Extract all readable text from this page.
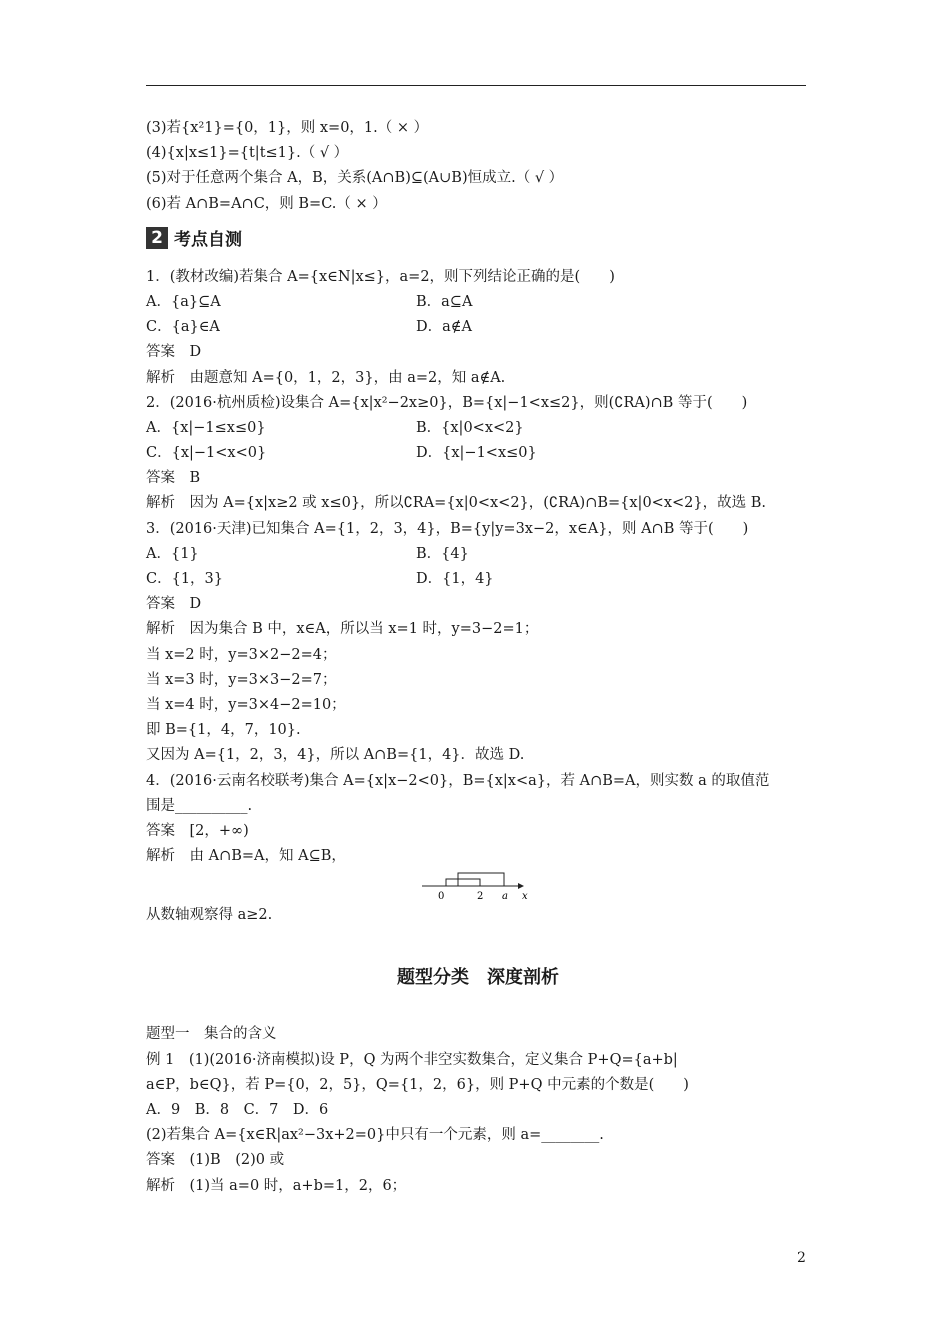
(3)若{x²1}={0，1}，则 x=0，1.（ × ）
(4){x|x≤1}={t|t≤1}.（ √ ）
(5)对于任意两个集合 A，B，关系(A∩B)⊆(A∪B)恒成立.（ √ ）
(6)若 A∩B=A∩C，则 B=C.（ × ）
2 考点自测
1．(教材改编)若集合 A={x∈N|x≤}，a=2，则下列结论正确的是(　　)
A．{a}⊆A	B．a⊆A
C．{a}∈A	D．a∉A
答案　D
解析　由题意知 A={0，1，2，3}，由 a=2，知 a∉A.
2．(2016·杭州质检)设集合 A={x|x²−2x≥0}，B={x|−1<x≤2}，则(∁RA)∩B 等于(　　)
A．{x|−1≤x≤0}	B．{x|0<x<2}
C．{x|−1<x<0}	D．{x|−1<x≤0}
答案　B
解析　因为 A={x|x≥2 或 x≤0}，所以∁RA={x|0<x<2}，(∁RA)∩B={x|0<x<2}，故选 B.
3．(2016·天津)已知集合 A={1，2，3，4}，B={y|y=3x−2，x∈A}，则 A∩B 等于(　　)
A．{1}	B．{4}
C．{1，3}	D．{1，4}
答案　D
解析　因为集合 B 中，x∈A，所以当 x=1 时，y=3−2=1；
当 x=2 时，y=3×2−2=4；
当 x=3 时，y=3×3−2=7；
当 x=4 时，y=3×4−2=10；
即 B={1，4，7，10}.
又因为 A={1，2，3，4}，所以 A∩B={1，4}．故选 D.
4．(2016·云南名校联考)集合 A={x|x−2<0}，B={x|x<a}，若 A∩B=A，则实数 a 的取值范
围是__________.
答案　[2，+∞)
解析　由 A∩B=A，知 A⊆B，
0	2 a x
从数轴观察得 a≥2.
题型分类　深度剖析
题型一　集合的含义
例 1　(1)(2016·济南模拟)设 P，Q 为两个非空实数集合，定义集合 P+Q={a+b|
a∈P，b∈Q}，若 P={0，2，5}，Q={1，2，6}，则 P+Q 中元素的个数是(　　)
A．9　B．8　C．7　D．6
(2)若集合 A={x∈R|ax²−3x+2=0}中只有一个元素，则 a=________.
答案　(1)B　(2)0 或
解析　(1)当 a=0 时，a+b=1，2，6；
2
